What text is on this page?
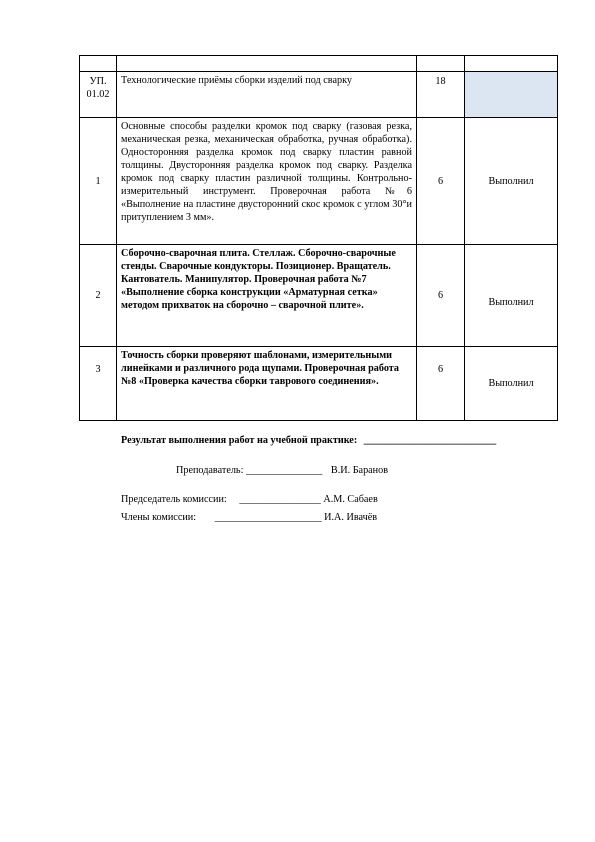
УП. 01.02	Технологические приёмы сборки изделий под сварку	18	
1	Основные способы разделки кромок под сварку (газовая резка, механическая резка, механическая обработка, ручная обработка). Односторонняя разделка кромок под сварку пластин равной толщины. Двусторонняя разделка кромок под сварку. Разделка кромок под сварку пластин различной толщины. Контрольно-измерительный инструмент. Проверочная работа №6 «Выполнение на пластине двусторонний скос кромок с углом 30°и притуплением 3 мм».	6	Выполнил
2	Сборочно-сварочная плита. Стеллаж. Сборочно-сварочные стенды. Сварочные кондукторы. Позиционер. Вращатель. Кантователь. Манипулятор. Проверочная работа №7 «Выполнение сборка конструкции «Арматурная сетка» методом прихваток на сборочно – сварочной плите».	6	Выполнил
3	Точность сборки проверяют шаблонами, измерительными линейками и различного рода щупами. Проверочная работа №8 «Проверка качества сборки таврового соединения».	6	Выполнил
Результат выполнения работ на учебной практике: __________________________
Преподаватель: _______________ В.И. Баранов
Председатель комиссии: ________________ А.М. Сабаев
Члены комиссии: _____________________ И.А. Ивачёв
